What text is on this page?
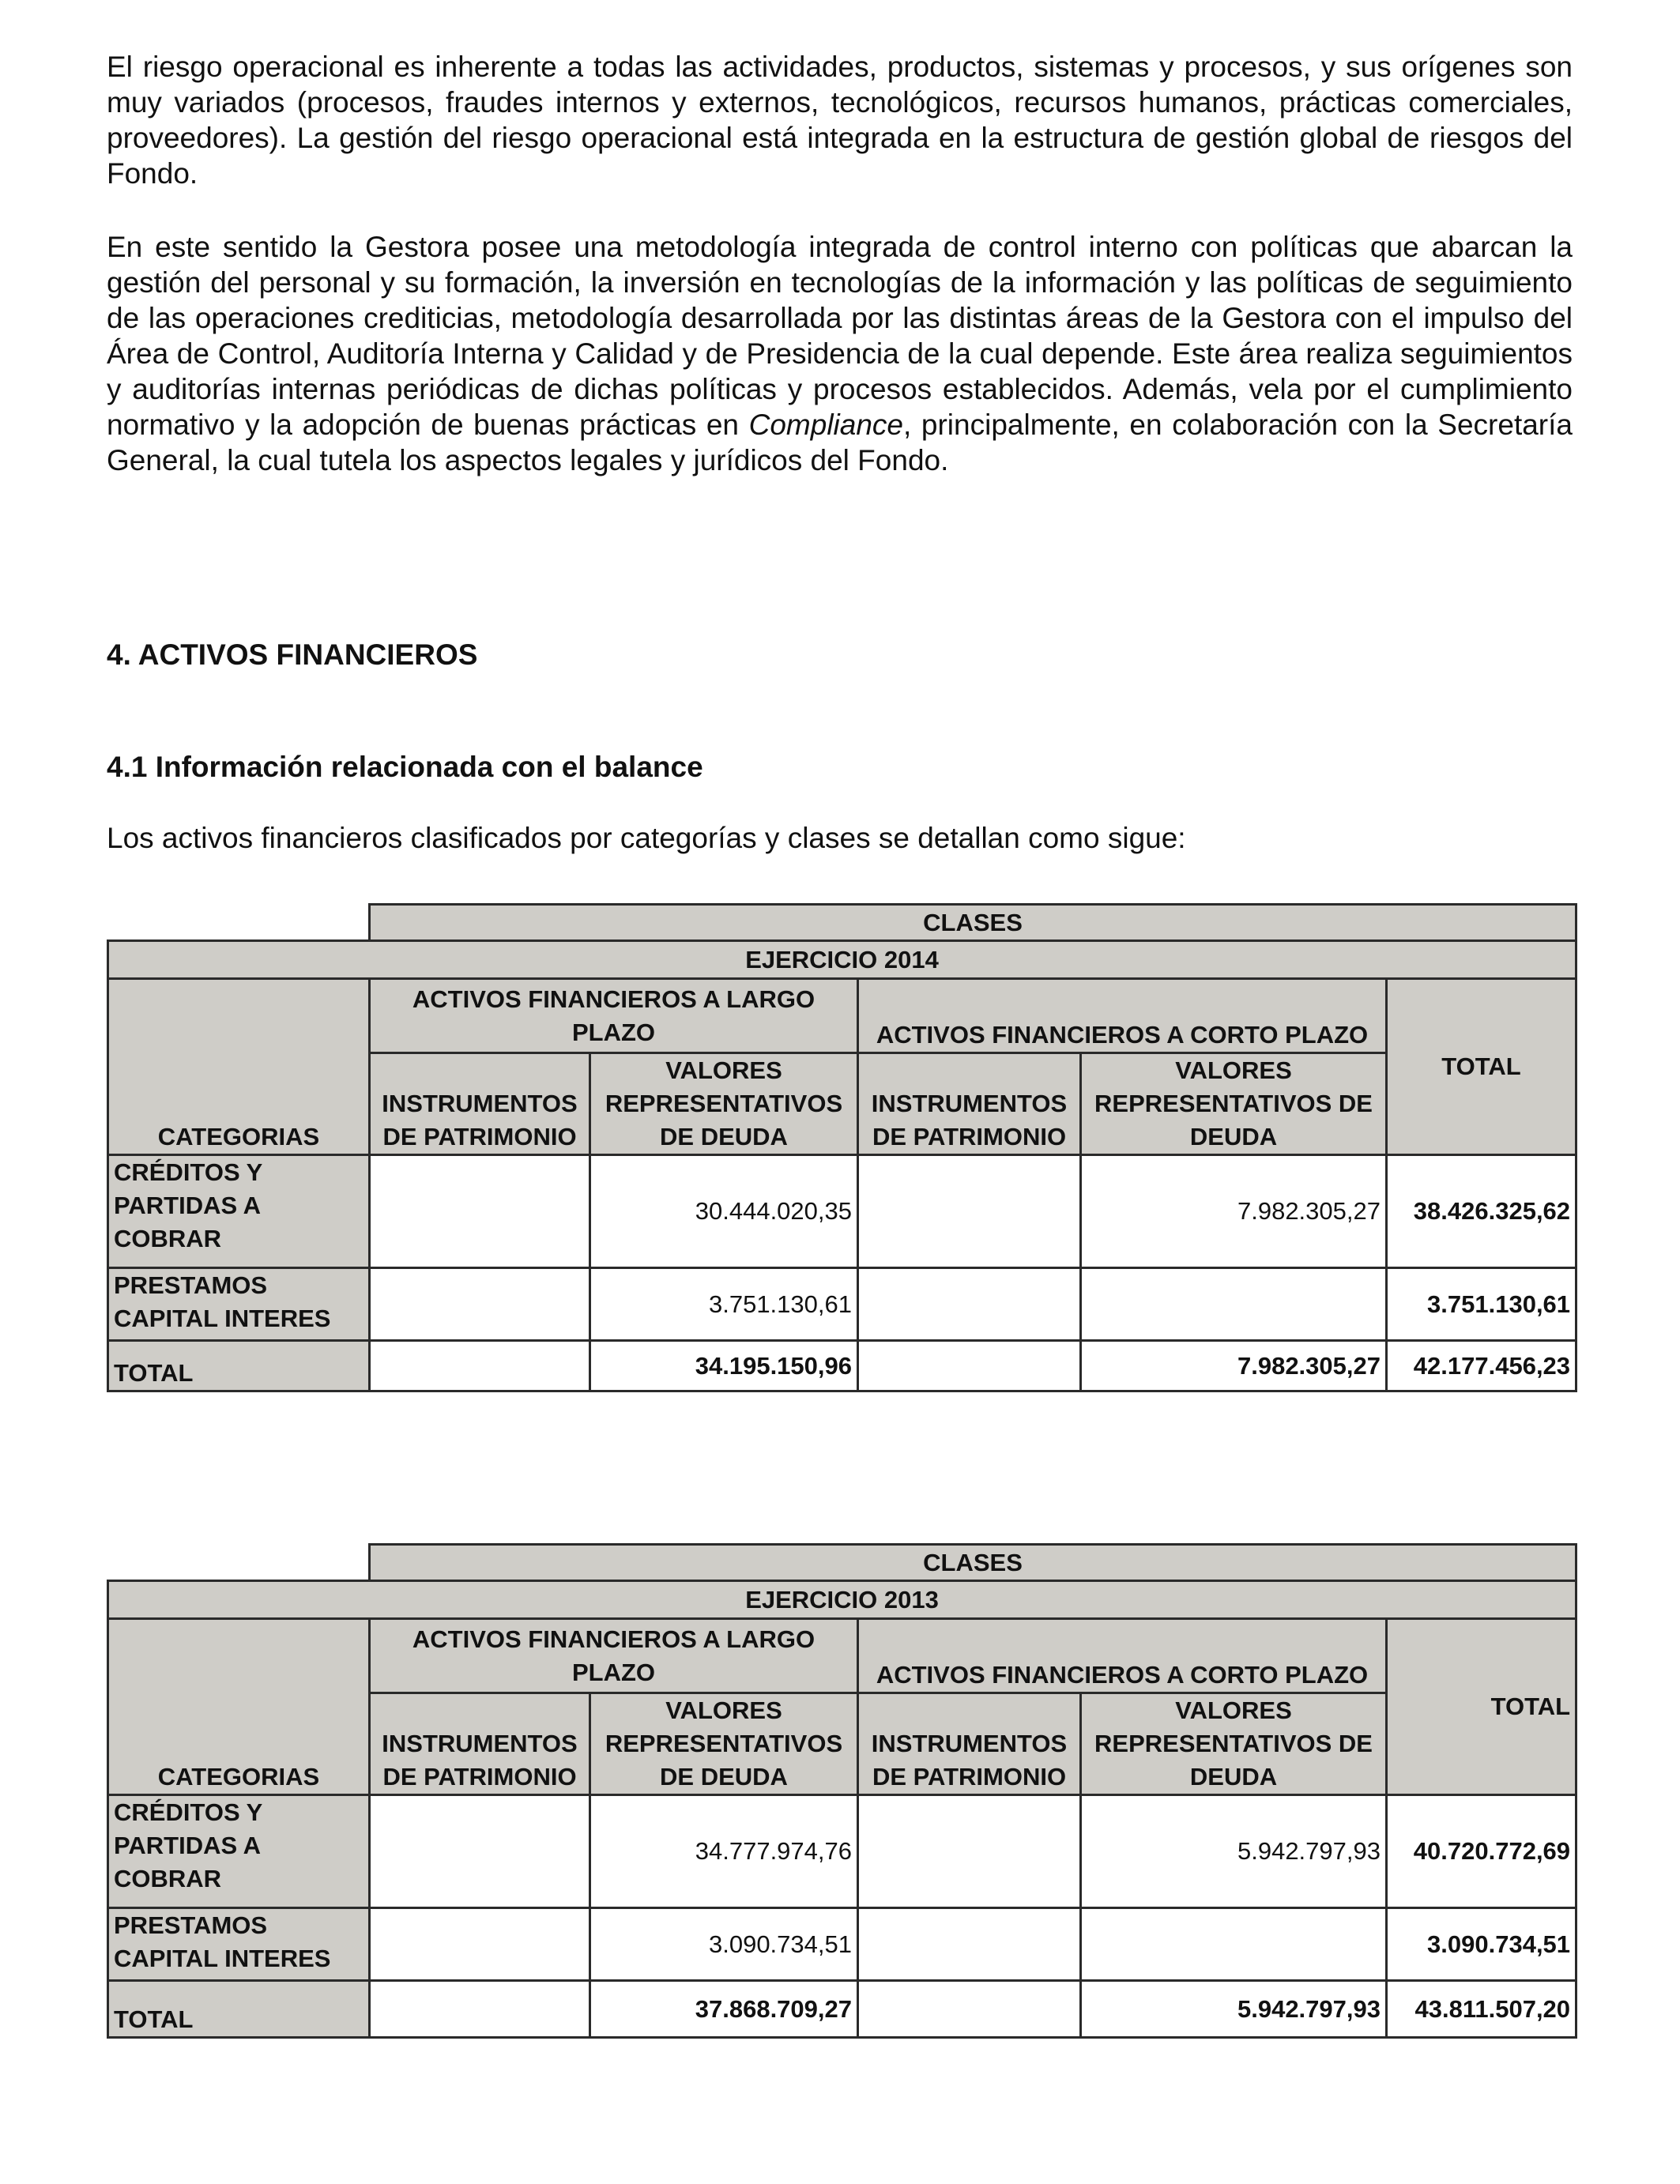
El riesgo operacional es inherente a todas las actividades, productos, sistemas y procesos, y sus orígenes son muy variados (procesos, fraudes internos y externos, tecnológicos, recursos humanos, prácticas comerciales, proveedores). La gestión del riesgo operacional está integrada en la estructura de gestión global de riesgos del Fondo.

En este sentido la Gestora posee una metodología integrada de control interno con políticas que abarcan la gestión del personal y su formación, la inversión en tecnologías de la información y las políticas de seguimiento de las operaciones crediticias, metodología desarrollada por las distintas áreas de la Gestora con el impulso del Área de Control, Auditoría Interna y Calidad y de Presidencia de la cual depende. Este área realiza seguimientos y auditorías internas periódicas de dichas políticas y procesos establecidos. Además, vela por el cumplimiento normativo y la adopción de buenas prácticas en Compliance, principalmente, en colaboración con la Secretaría General, la cual tutela los aspectos legales y jurídicos del Fondo.

4. ACTIVOS FINANCIEROS
4.1 Información relacionada con el balance

Los activos financieros clasificados por categorías y clases se detallan como sigue:

	CLASES				
EJERCICIO 2014					
CATEGORIAS	ACTIVOS FINANCIEROS A LARGO PLAZO		ACTIVOS FINANCIEROS A CORTO PLAZO		TOTAL
	INSTRUMENTOS DE PATRIMONIO	VALORES REPRESENTATIVOS DE DEUDA	INSTRUMENTOS DE PATRIMONIO	VALORES REPRESENTATIVOS DE DEUDA	
CRÉDITOS Y PARTIDAS A COBRAR		30.444.020,35		7.982.305,27	38.426.325,62
PRESTAMOS CAPITAL INTERES		3.751.130,61			3.751.130,61
TOTAL		34.195.150,96		7.982.305,27	42.177.456,23
	CLASES				
EJERCICIO 2013					
CATEGORIAS	ACTIVOS FINANCIEROS A LARGO PLAZO		ACTIVOS FINANCIEROS A CORTO PLAZO		TOTAL
	INSTRUMENTOS DE PATRIMONIO	VALORES REPRESENTATIVOS DE DEUDA	INSTRUMENTOS DE PATRIMONIO	VALORES REPRESENTATIVOS DE DEUDA	
CRÉDITOS Y PARTIDAS A COBRAR		34.777.974,76		5.942.797,93	40.720.772,69
PRESTAMOS CAPITAL INTERES		3.090.734,51			3.090.734,51
TOTAL		37.868.709,27		5.942.797,93	43.811.507,20
